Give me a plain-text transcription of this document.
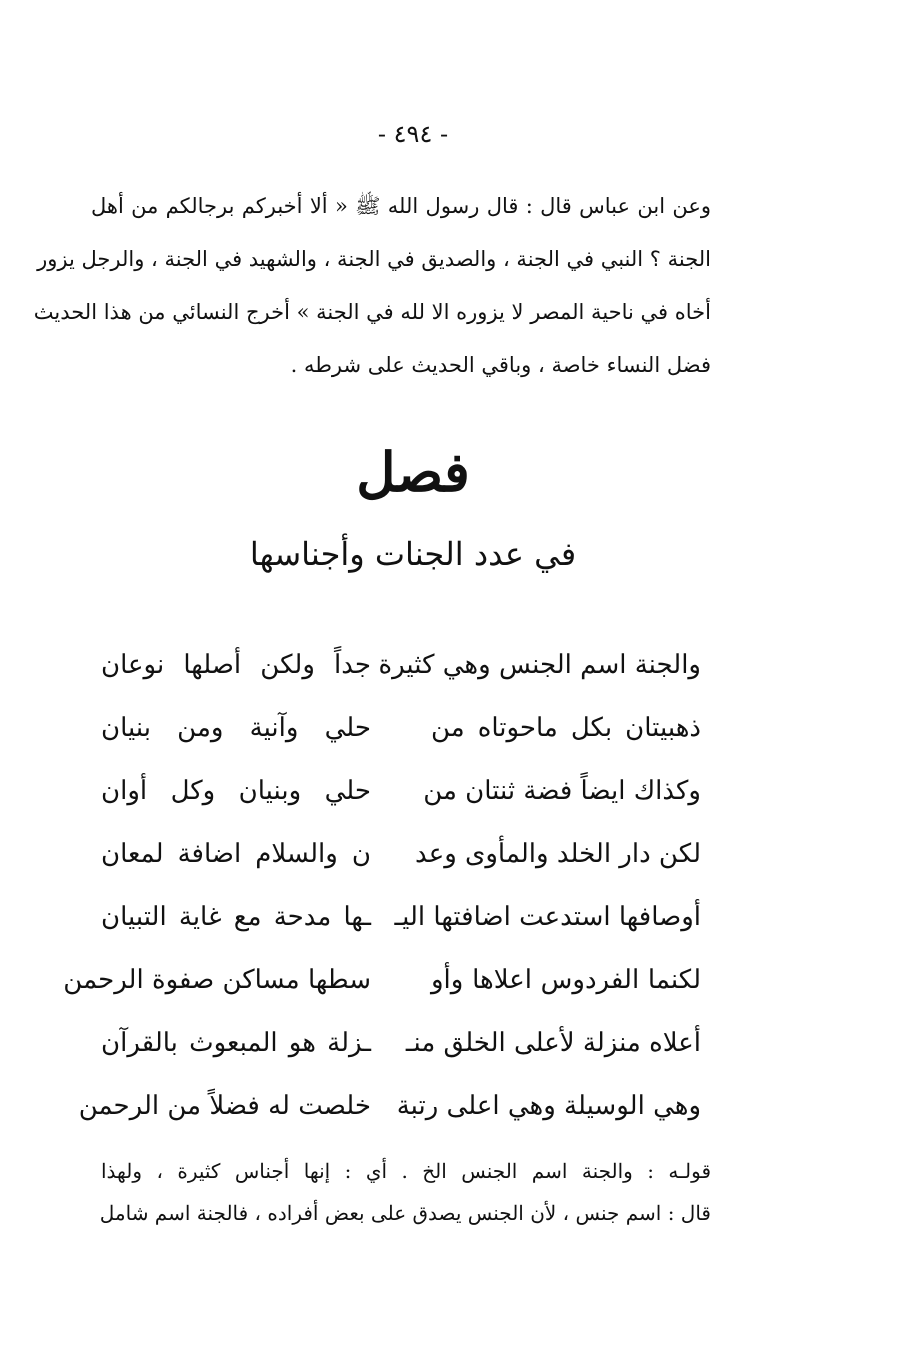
- ٤٩٤ -
وعن ابن عباس قال : قال رسول الله ﷺ « ألا أخبركم برجالكم من أهل
الجنة ؟ النبي في الجنة ، والصديق في الجنة ، والشهيد في الجنة ، والرجل يزور
أخاه في ناحية المصر لا يزوره الا لله في الجنة » أخرج النسائي من هذا الحديث
فضل النساء خاصة ، وباقي الحديث على شرطه .
فصل
في عدد الجنات وأجناسها
والجنة اسم الجنس وهي كثيرة
جداً ولكن أصلها نوعان
ذهبيتان بكل ماحوتاه من
حلي وآنية ومن بنيان
وكذاك ايضاً فضة ثنتان من
حلي وبنيان وكل أوان
لكن دار الخلد والمأوى وعد
ن والسلام اضافة لمعان
أوصافها استدعت اضافتها اليـ
ـها مدحة مع غاية التبيان
لكنما الفردوس اعلاها وأو
سطها مساكن صفوة الرحمن
أعلاه منزلة لأعلى الخلق منـ
ـزلة هو المبعوث بالقرآن
وهي الوسيلة وهي اعلى رتبة
خلصت له فضلاً من الرحمن
قولـه : والجنة اسم الجنس الخ . أي : إنها أجناس كثيرة ، ولهذا
قال : اسم جنس ، لأن الجنس يصدق على بعض أفراده ، فالجنة اسم شامل
